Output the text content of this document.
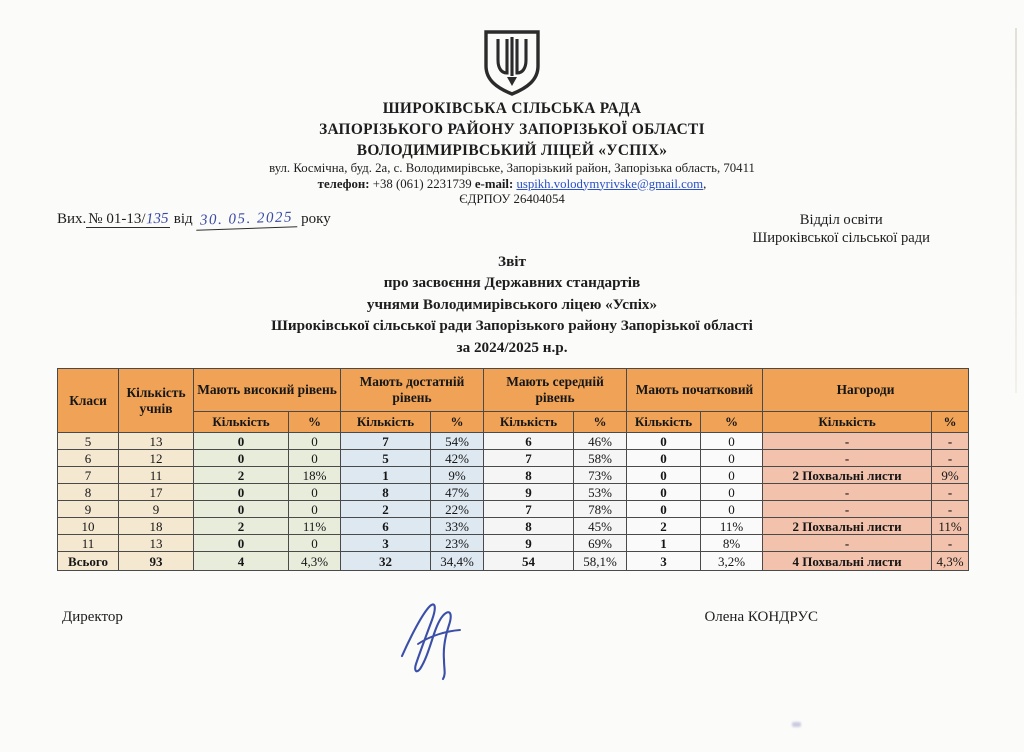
ШИРОКІВСЬКА СІЛЬСЬКА РАДА
ЗАПОРІЗЬКОГО РАЙОНУ ЗАПОРІЗЬКОЇ ОБЛАСТІ
ВОЛОДИМИРІВСЬКИЙ ЛІЦЕЙ «УСПІХ»
вул. Космічна, буд. 2а, с. Володимирівське, Запорізький район, Запорізька область, 70411
телефон: +38 (061) 2231739 e-mail: uspikh.volodymyrivske@gmail.com,
ЄДРПОУ 26404054
Вих. № 01-13/135 від 30. 05. 2025 року	Відділ освіти
Широківської сільської ради
Звіт
про засвоєння Державних стандартів
учнями Володимирівського ліцею «Успіх»
Широківської сільської ради Запорізького району Запорізької області
за 2024/2025 н.р.
Класи	Кількість учнів	Мають високий рівень		Мають достатній рівень		Мають середній рівень		Мають початковий		Нагороди	
		Кількість	%	Кількість	%	Кількість	%	Кількість	%	Кількість	%
5	13	0	0	7	54%	6	46%	0	0	-	-
6	12	0	0	5	42%	7	58%	0	0	-	-
7	11	2	18%	1	9%	8	73%	0	0	2 Похвальні листи	9%
8	17	0	0	8	47%	9	53%	0	0	-	-
9	9	0	0	2	22%	7	78%	0	0	-	-
10	18	2	11%	6	33%	8	45%	2	11%	2 Похвальні листи	11%
11	13	0	0	3	23%	9	69%	1	8%	-	-
Всього	93	4	4,3%	32	34,4%	54	58,1%	3	3,2%	4 Похвальні листи	4,3%
Директор	Олена КОНДРУС
